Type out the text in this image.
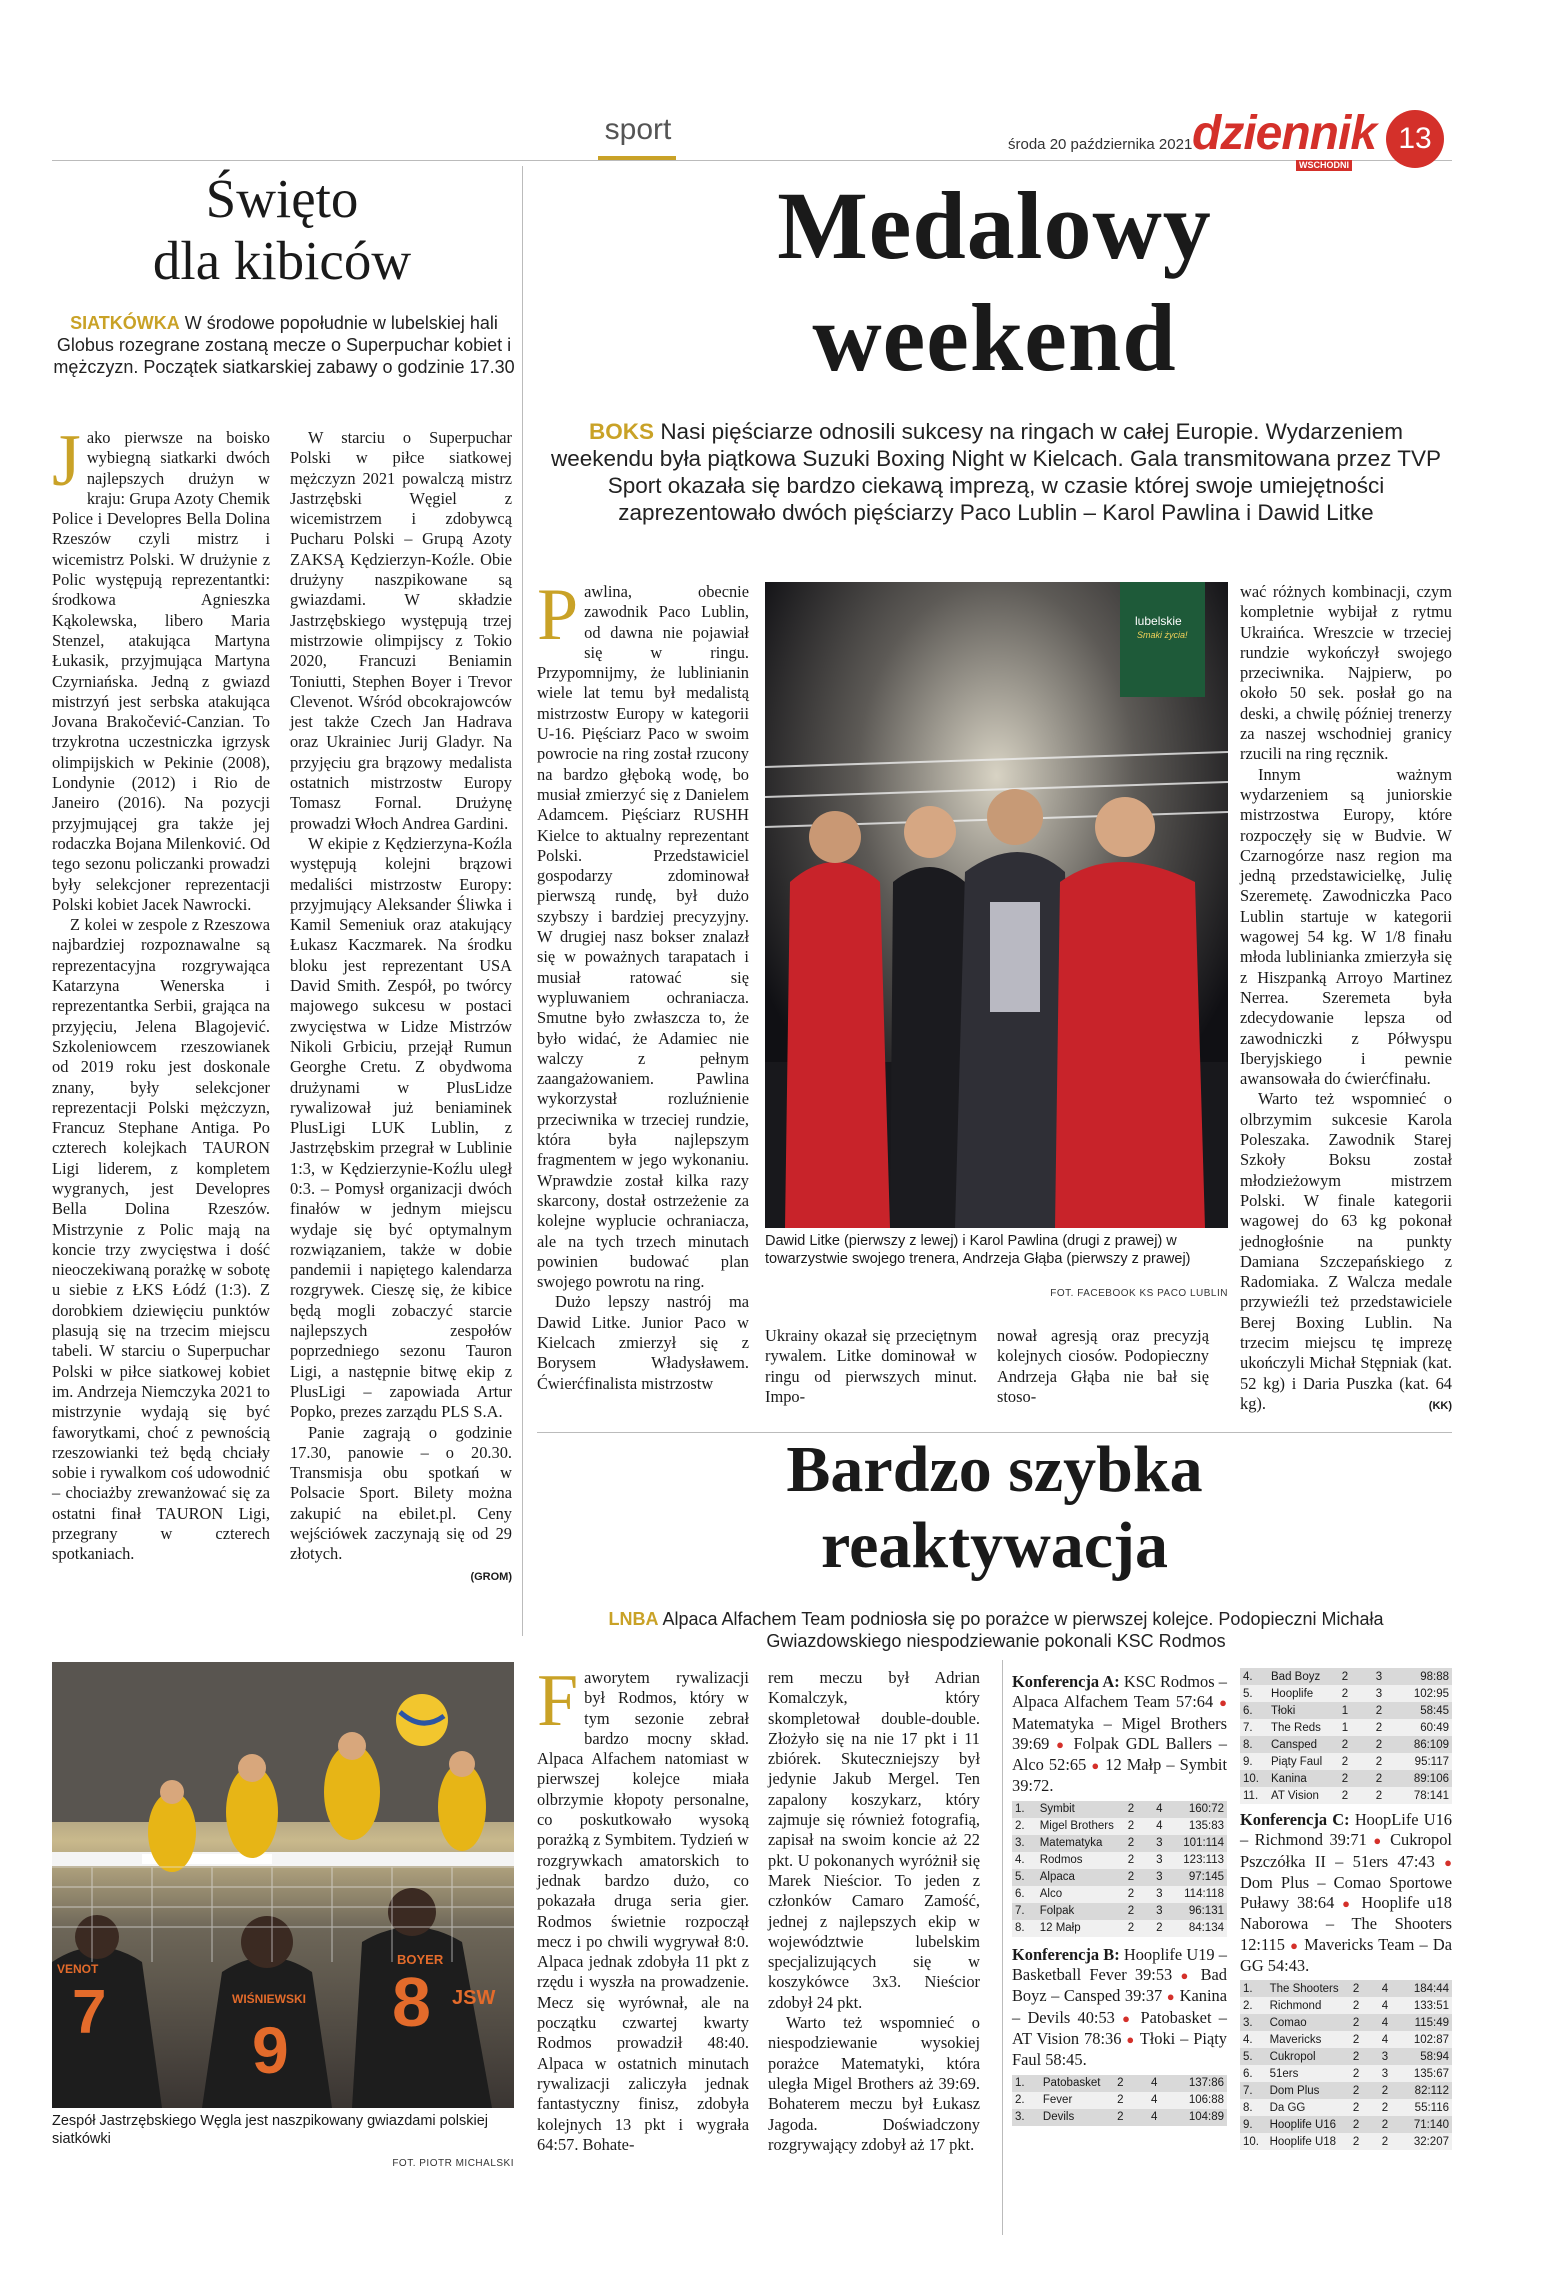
sport	środa 20 października 2021 dziennik
WSCHODNI
13
Święto
dla kibiców
SIATKÓWKA W środowe popołudnie w lubelskiej hali Globus rozegrane zostaną mecze o Superpuchar kobiet i mężczyzn. Początek siatkarskiej zabawy o godzinie 17.30
J ako pierwsze na boisko wybiegną siatkarki dwóch najlepszych drużyn w kraju: Grupa Azoty Chemik Police i Developres Bella Dolina Rzeszów czyli mistrz i wicemistrz Polski. W drużynie z Polic występują reprezentantki: środkowa Agnieszka Kąkolewska, libero Maria Stenzel, atakująca Martyna Łukasik, przyjmująca Martyna Czyrniańska. Jedną z gwiazd mistrzyń jest serbska atakująca Jovana Brakočević-Canzian. To trzykrotna uczestniczka igrzysk olimpijskich w Pekinie (2008), Londynie (2012) i Rio de Janeiro (2016). Na pozycji przyjmującej gra także jej rodaczka Bojana Milenković. Od tego sezonu policzanki prowadzi były selekcjoner reprezentacji Polski kobiet Jacek Nawrocki.

Z kolei w zespole z Rzeszowa najbardziej rozpoznawalne są reprezentacyjna rozgrywająca Katarzyna Wenerska i reprezentantka Serbii, grająca na przyjęciu, Jelena Blagojević. Szkoleniowcem rzeszowianek od 2019 roku jest doskonale znany, były selekcjoner reprezentacji Polski mężczyzn, Francuz Stephane Antiga. Po czterech kolejkach TAURON Ligi liderem, z kompletem wygranych, jest Developres Bella Dolina Rzeszów. Mistrzynie z Polic mają na koncie trzy zwycięstwa i dość nieoczekiwaną porażkę w sobotę u siebie z ŁKS Łódź (1:3). Z dorobkiem dziewięciu punktów plasują się na trzecim miejscu tabeli. W starciu o Superpuchar Polski w piłce siatkowej kobiet im. Andrzeja Niemczyka 2021 to mistrzynie wydają się być faworytkami, choć z pewnością rzeszowianki też będą chciały sobie i rywalkom coś udowodnić – chociażby zrewanżować się za ostatni finał TAURON Ligi, przegrany w czterech spotkaniach.

W starciu o Superpuchar Polski w piłce siatkowej mężczyzn 2021 powalczą mistrz Jastrzębski Węgiel z wicemistrzem i zdobywcą Pucharu Polski – Grupą Azoty ZAKSĄ Kędzierzyn-Koźle. Obie drużyny naszpikowane są gwiazdami. W składzie Jastrzębskiego występują trzej mistrzowie olimpijscy z Tokio 2020, Francuzi Beniamin Toniutti, Stephen Boyer i Trevor Clevenot. Wśród obcokrajowców jest także Czech Jan Hadrava oraz Ukrainiec Jurij Gladyr. Na przyjęciu gra brązowy medalista ostatnich mistrzostw Europy Tomasz Fornal. Drużynę prowadzi Włoch Andrea Gardini.

W ekipie z Kędzierzyna-Koźla występują kolejni brązowi medaliści mistrzostw Europy: przyjmujący Aleksander Śliwka i Kamil Semeniuk oraz atakujący Łukasz Kaczmarek. Na środku bloku jest reprezentant USA David Smith. Zespół, po twórcy majowego sukcesu w postaci zwycięstwa w Lidze Mistrzów Nikoli Grbiciu, przejął Rumun Georghe Cretu. Z obydwoma drużynami w PlusLidze rywalizował już beniaminek PlusLigi LUK Lublin, z Jastrzębskim przegrał w Lublinie 1:3, w Kędzierzynie-Koźlu uległ 0:3. – Pomysł organizacji dwóch finałów w jednym miejscu wydaje się być optymalnym rozwiązaniem, także w dobie pandemii i napiętego kalendarza rozgrywek. Cieszę się, że kibice będą mogli zobaczyć starcie najlepszych zespołów poprzedniego sezonu Tauron Ligi, a następnie bitwę ekip z PlusLigi – zapowiada Artur Popko, prezes zarządu PLS S.A.

Panie zagrają o godzinie 17.30, panowie – o 20.30. Transmisja obu spotkań w Polsacie Sport. Bilety można zakupić na ebilet.pl. Ceny wejściówek zaczynają się od 29 złotych.

(GROM)
BOYER
8
WIŚNIEWSKI
9
VENOT
7	JSW
Zespół Jastrzębskiego Węgla jest naszpikowany gwiazdami polskiej siatkówki
FOT. PIOTR MICHALSKI
Medalowy
weekend
BOKS Nasi pięściarze odnosili sukcesy na ringach w całej Europie. Wydarzeniem weekendu była piątkowa Suzuki Boxing Night w Kielcach. Gala transmitowana przez TVP Sport okazała się bardzo ciekawą imprezą, w czasie której swoje umiejętności zaprezentowało dwóch pięściarzy Paco Lublin – Karol Pawlina i Dawid Litke
P awlina, obecnie zawodnik Paco Lublin, od dawna nie pojawiał się w ringu. Przypomnijmy, że lublinianin wiele lat temu był medalistą mistrzostw Europy w kategorii U-16. Pięściarz Paco w swoim powrocie na ring został rzucony na bardzo głęboką wodę, bo musiał zmierzyć się z Danielem Adamcem. Pięściarz RUSHH Kielce to aktualny reprezentant Polski. Przedstawiciel gospodarzy zdominował pierwszą rundę, był dużo szybszy i bardziej precyzyjny. W drugiej nasz bokser znalazł się w poważnych tarapatach i musiał ratować się wypluwaniem ochraniacza. Smutne było zwłaszcza to, że było widać, że Adamiec nie walczy z pełnym zaangażowaniem. Pawlina wykorzystał rozluźnienie przeciwnika w trzeciej rundzie, która była najlepszym fragmentem w jego wykonaniu. Wprawdzie został kilka razy skarcony, dostał ostrzeżenie za kolejne wyplucie ochraniacza, ale na tych trzech minutach powinien budować plan swojego powrotu na ring.

Dużo lepszy nastrój ma Dawid Litke. Junior Paco w Kielcach zmierzył się z Borysem Władysławem. Ćwierćfinalista mistrzostw

lubelskie
Smaki życia!
Dawid Litke (pierwszy z lewej) i Karol Pawlina (drugi z prawej) w towarzystwie swojego trenera, Andrzeja Głąba (pierwszy z prawej)
FOT. FACEBOOK KS PACO LUBLIN

Ukrainy okazał się przeciętnym rywalem. Litke dominował w ringu od pierwszych minut. Impo-

nował agresją oraz precyzją kolejnych ciosów. Podopieczny Andrzeja Głąba nie bał się stoso-

wać różnych kombinacji, czym kompletnie wybijał z rytmu Ukraińca. Wreszcie w trzeciej rundzie wykończył swojego przeciwnika. Najpierw, po około 50 sek. posłał go na deski, a chwilę później trenerzy za naszej wschodniej granicy rzucili na ring ręcznik.

Innym ważnym wydarzeniem są juniorskie mistrzostwa Europy, które rozpoczęły się w Budvie. W Czarnogórze nasz region ma jedną przedstawicielkę, Julię Szeremetę. Zawodniczka Paco Lublin startuje w kategorii wagowej 54 kg. W 1/8 finału młoda lublinianka zmierzyła się z Hiszpanką Arroyo Martinez Nerrea. Szeremeta była zdecydowanie lepsza od zawodniczki z Półwyspu Iberyjskiego i pewnie awansowała do ćwierćfinału.

Warto też wspomnieć o olbrzymim sukcesie Karola Poleszaka. Zawodnik Starej Szkoły Boksu został młodzieżowym mistrzem Polski. W finale kategorii wagowej do 63 kg pokonał jednogłośnie na punkty Damiana Szczepańskiego z Radomiaka. Z Walcza medale przywieźli też przedstawiciele Berej Boxing Lublin. Na trzecim miejscu tę imprezę ukończyli Michał Stępniak (kat. 52 kg) i Daria Puszka (kat. 64 kg).	(KK)
Bardzo szybka
reaktywacja
LNBA Alpaca Alfachem Team podniosła się po porażce w pierwszej kolejce. Podopieczni Michała Gwiazdowskiego niespodziewanie pokonali KSC Rodmos
F aworytem rywalizacji był Rodmos, który w tym sezonie zebrał bardzo mocny skład. Alpaca Alfachem natomiast w pierwszej kolejce miała olbrzymie kłopoty personalne, co poskutkowało wysoką porażką z Symbitem. Tydzień w rozgrywkach amatorskich to jednak bardzo dużo, co pokazała druga seria gier. Rodmos świetnie rozpoczął mecz i po chwili wygrywał 8:0. Alpaca jednak zdobyła 11 pkt z rzędu i wyszła na prowadzenie. Mecz się wyrównał, ale na początku czwartej kwarty Rodmos prowadził 48:40. Alpaca w ostatnich minutach rywalizacji zaliczyła jednak fantastyczny finisz, zdobyła kolejnych 13 pkt i wygrała 64:57. Bohate-

rem meczu był Adrian Komalczyk, który skompletował double-double. Złożyło się na nie 17 pkt i 11 zbiórek. Skuteczniejszy był jedynie Jakub Mergel. Ten zapalony koszykarz, który zajmuje się również fotografią, zapisał na swoim koncie aż 22 pkt. U pokonanych wyróżnił się Marek Nieścior. To jeden z członków Camaro Zamość, jednej z najlepszych ekip w województwie lubelskim specjalizujących się w koszykówce 3x3. Nieścior zdobył 24 pkt.

Warto też wspomnieć o niespodziewanie wysokiej porażce Matematyki, która uległa Migel Brothers aż 39:69. Bohaterem meczu był Łukasz Jagoda. Doświadczony rozgrywający zdobył aż 17 pkt.

Konferencja A: KSC Rodmos – Alpaca Alfachem Team 57:64 ● Matematyka – Migel Brothers 39:69 ● Folpak GDL Ballers – Alco 52:65 ● 12 Małp – Symbit 39:72.
1.	Symbit	2	4	160:72
2.	Migel Brothers	2	4	135:83
3.	Matematyka	2	3	101:114
4.	Rodmos	2	3	123:113
5.	Alpaca	2	3	97:145
6.	Alco	2	3	114:118
7.	Folpak	2	3	96:131
8.	12 Małp	2	2	84:134
Konferencja B: Hooplife U19 – Basketball Fever 39:53 ● Bad Boyz – Cansped 39:37 ● Kanina – Devils 40:53 ● Patobasket – AT Vision 78:36 ● Tłoki – Piąty Faul 58:45.
1.	Patobasket	2	4	137:86
2.	Fever	2	4	106:88
3.	Devils	2	4	104:89
4.	Bad Boyz	2	3	98:88
5.	Hooplife	2	3	102:95
6.	Tłoki	1	2	58:45
7.	The Reds	1	2	60:49
8.	Cansped	2	2	86:109
9.	Piąty Faul	2	2	95:117
10.	Kanina	2	2	89:106
11.	AT Vision	2	2	78:141
Konferencja C: HoopLife U16 – Richmond 39:71 ● Cukropol Pszczółka II – 51ers 47:43 ● Dom Plus – Comao Sportowe Puławy 38:64 ● Hooplife u18 Naborowa – The Shooters 12:115 ● Mavericks Team – Da GG 54:43.
1.	The Shooters	2	4	184:44
2.	Richmond	2	4	133:51
3.	Comao	2	4	115:49
4.	Mavericks	2	4	102:87
5.	Cukropol	2	3	58:94
6.	51ers	2	3	135:67
7.	Dom Plus	2	2	82:112
8.	Da GG	2	2	55:116
9.	Hooplife U16	2	2	71:140
10.	Hooplife U18	2	2	32:207
